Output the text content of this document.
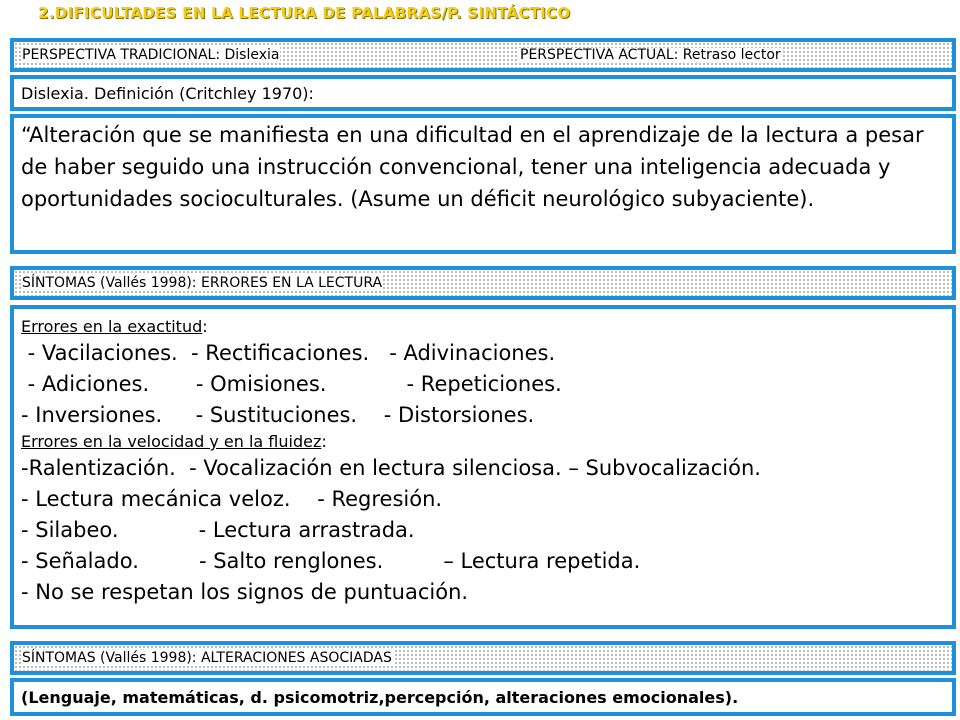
2.DIFICULTADES EN LA LECTURA DE PALABRAS/P. SINTÁCTICO
PERSPECTIVA TRADICIONAL: Dislexia	PERSPECTIVA ACTUAL: Retraso lector
Dislexia. Definición (Critchley 1970):
“Alteración que se manifiesta en una dificultad en el aprendizaje de la lectura a pesar de haber seguido una instrucción convencional, tener una inteligencia adecuada y oportunidades socioculturales. (Asume un déficit neurológico subyaciente).
SÍNTOMAS (Vallés 1998): ERRORES EN LA LECTURA
Errores en la exactitud:
- Vacilaciones.  - Rectificaciones.   - Adivinaciones.
- Adiciones.       - Omisiones.            - Repeticiones.
- Inversiones.     - Sustituciones.    - Distorsiones.
Errores en la velocidad y en la fluidez:
-Ralentización.  - Vocalización en lectura silenciosa. – Subvocalización.
- Lectura mecánica veloz.    - Regresión.
- Silabeo.            - Lectura arrastrada.
- Señalado.         - Salto renglones.         – Lectura repetida.
- No se respetan los signos de puntuación.
SÍNTOMAS (Vallés 1998): ALTERACIONES ASOCIADAS
(Lenguaje, matemáticas, d. psicomotriz,percepción, alteraciones emocionales).
